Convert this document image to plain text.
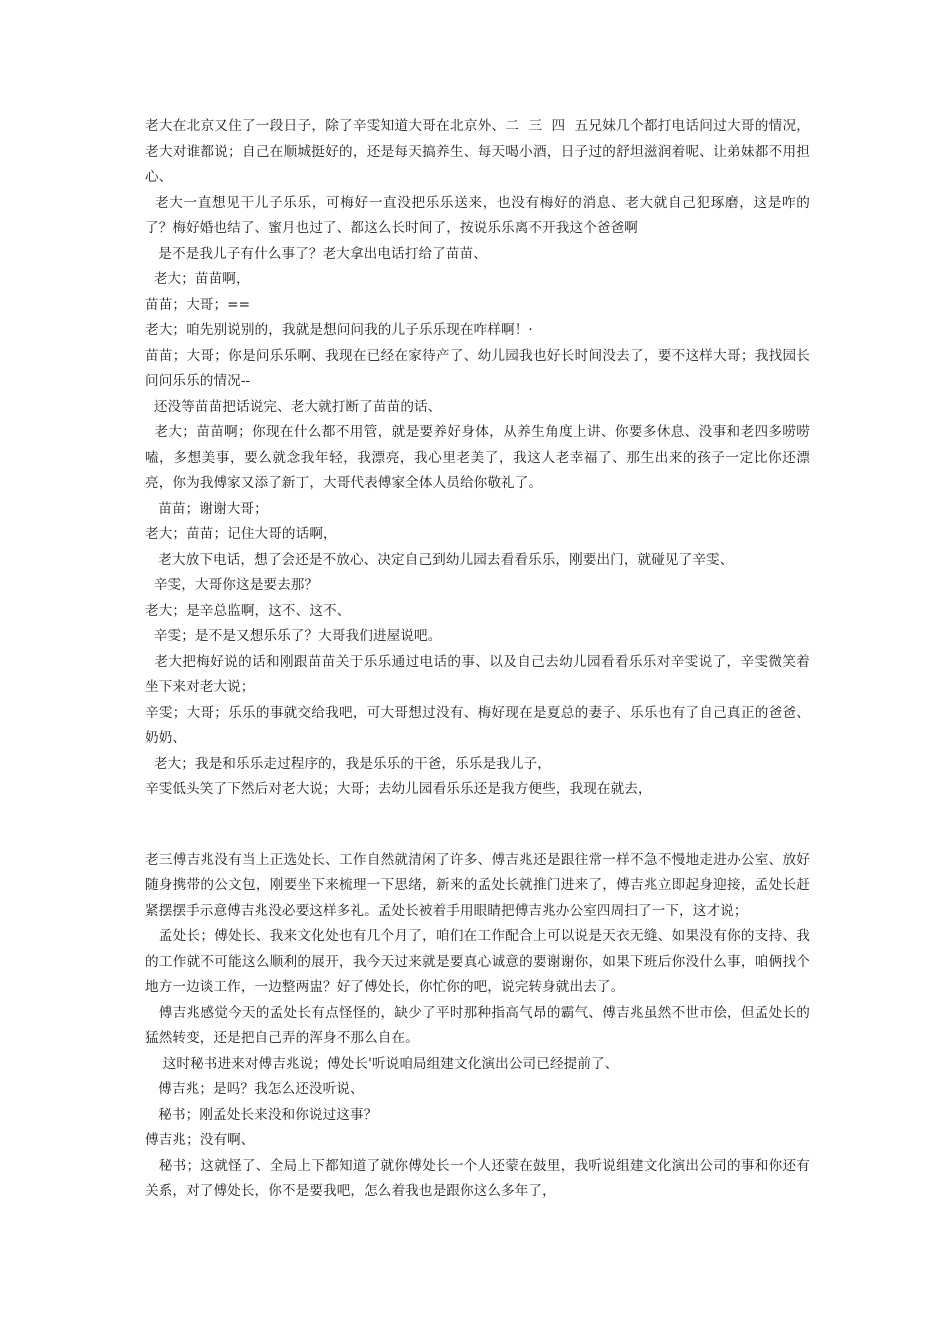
老大在北京又住了一段日子，除了辛雯知道大哥在北京外、二  三  四  五兄妹几个都打电话问过大哥的情况，老大对谁都说；自己在顺城挺好的，还是每天搞养生、每天喝小酒，日子过的舒坦滋润着呢、让弟妹都不用担心、

老大一直想见干儿子乐乐，可梅好一直没把乐乐送来，也没有梅好的消息、老大就自己犯琢磨，这是咋的了？梅好婚也结了、蜜月也过了、都这么长时间了，按说乐乐离不开我这个爸爸啊

是不是我儿子有什么事了？老大拿出电话打给了苗苗、

老大；苗苗啊，

苗苗；大哥；==

老大；咱先别说别的，我就是想问问我的儿子乐乐现在咋样啊！·

苗苗；大哥；你是问乐乐啊、我现在已经在家待产了、幼儿园我也好长时间没去了，要不这样大哥；我找园长问问乐乐的情况--

还没等苗苗把话说完、老大就打断了苗苗的话、

老大；苗苗啊；你现在什么都不用管，就是要养好身体，从养生角度上讲、你要多休息、没事和老四多唠唠嗑，多想美事，要么就念我年轻，我漂亮，我心里老美了，我这人老幸福了、那生出来的孩子一定比你还漂亮，你为我傅家又添了新丁，大哥代表傅家全体人员给你敬礼了。

苗苗；谢谢大哥；

老大；苗苗；记住大哥的话啊，

老大放下电话，想了会还是不放心、决定自己到幼儿园去看看乐乐，刚要出门，就碰见了辛雯、

辛雯，大哥你这是要去那？

老大；是辛总监啊，这不、这不、

辛雯；是不是又想乐乐了？大哥我们进屋说吧。

老大把梅好说的话和刚跟苗苗关于乐乐通过电话的事、以及自己去幼儿园看看乐乐对辛雯说了，辛雯微笑着坐下来对老大说；

辛雯；大哥；乐乐的事就交给我吧，可大哥想过没有、梅好现在是夏总的妻子、乐乐也有了自己真正的爸爸、奶奶、

老大；我是和乐乐走过程序的，我是乐乐的干爸，乐乐是我儿子，

辛雯低头笑了下然后对老大说；大哥；去幼儿园看乐乐还是我方便些，我现在就去，

老三傅吉兆没有当上正选处长、工作自然就清闲了许多、傅吉兆还是跟往常一样不急不慢地走进办公室、放好随身携带的公文包，刚要坐下来梳理一下思绪，新来的孟处长就推门进来了，傅吉兆立即起身迎接，孟处长赶紧摆摆手示意傅吉兆没必要这样多礼。孟处长被着手用眼睛把傅吉兆办公室四周扫了一下，这才说；

孟处长；傅处长、我来文化处也有几个月了，咱们在工作配合上可以说是天衣无缝、如果没有你的支持、我的工作就不可能这么顺利的展开，我今天过来就是要真心诚意的要谢谢你，如果下班后你没什么事，咱俩找个地方一边谈工作，一边整两盅？好了傅处长，你忙你的吧，说完转身就出去了。

傅吉兆感觉今天的孟处长有点怪怪的，缺少了平时那种指高气昂的霸气、傅吉兆虽然不世市侩，但孟处长的猛然转变，还是把自己弄的浑身不那么自在。

这时秘书进来对傅吉兆说；傅处长'听说咱局组建文化演出公司已经提前了、

傅吉兆；是吗？我怎么还没听说、

秘书；刚孟处长来没和你说过这事？

傅吉兆；没有啊、

秘书；这就怪了、全局上下都知道了就你傅处长一个人还蒙在鼓里，我听说组建文化演出公司的事和你还有关系，对了傅处长，你不是要我吧，怎么着我也是跟你这么多年了，
